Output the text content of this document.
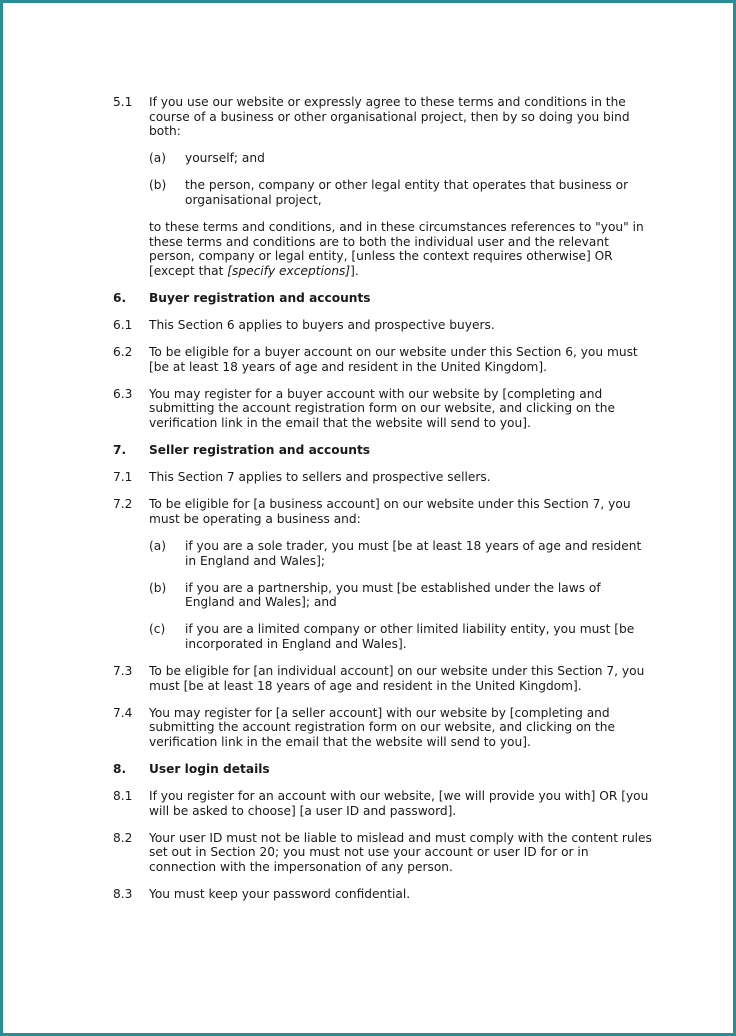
5.1 If you use our website or expressly agree to these terms and conditions in the course of a business or other organisational project, then by so doing you bind both:
(a) yourself; and
(b) the person, company or other legal entity that operates that business or organisational project,
to these terms and conditions, and in these circumstances references to "you" in these terms and conditions are to both the individual user and the relevant person, company or legal entity, [unless the context requires otherwise] OR [except that [specify exceptions]].
6. Buyer registration and accounts
6.1 This Section 6 applies to buyers and prospective buyers.
6.2 To be eligible for a buyer account on our website under this Section 6, you must [be at least 18 years of age and resident in the United Kingdom].
6.3 You may register for a buyer account with our website by [completing and submitting the account registration form on our website, and clicking on the verification link in the email that the website will send to you].
7. Seller registration and accounts
7.1 This Section 7 applies to sellers and prospective sellers.
7.2 To be eligible for [a business account] on our website under this Section 7, you must be operating a business and:
(a) if you are a sole trader, you must [be at least 18 years of age and resident in England and Wales];
(b) if you are a partnership, you must [be established under the laws of England and Wales]; and
(c) if you are a limited company or other limited liability entity, you must [be incorporated in England and Wales].
7.3 To be eligible for [an individual account] on our website under this Section 7, you must [be at least 18 years of age and resident in the United Kingdom].
7.4 You may register for [a seller account] with our website by [completing and submitting the account registration form on our website, and clicking on the verification link in the email that the website will send to you].
8. User login details
8.1 If you register for an account with our website, [we will provide you with] OR [you will be asked to choose] [a user ID and password].
8.2 Your user ID must not be liable to mislead and must comply with the content rules set out in Section 20; you must not use your account or user ID for or in connection with the impersonation of any person.
8.3 You must keep your password confidential.
